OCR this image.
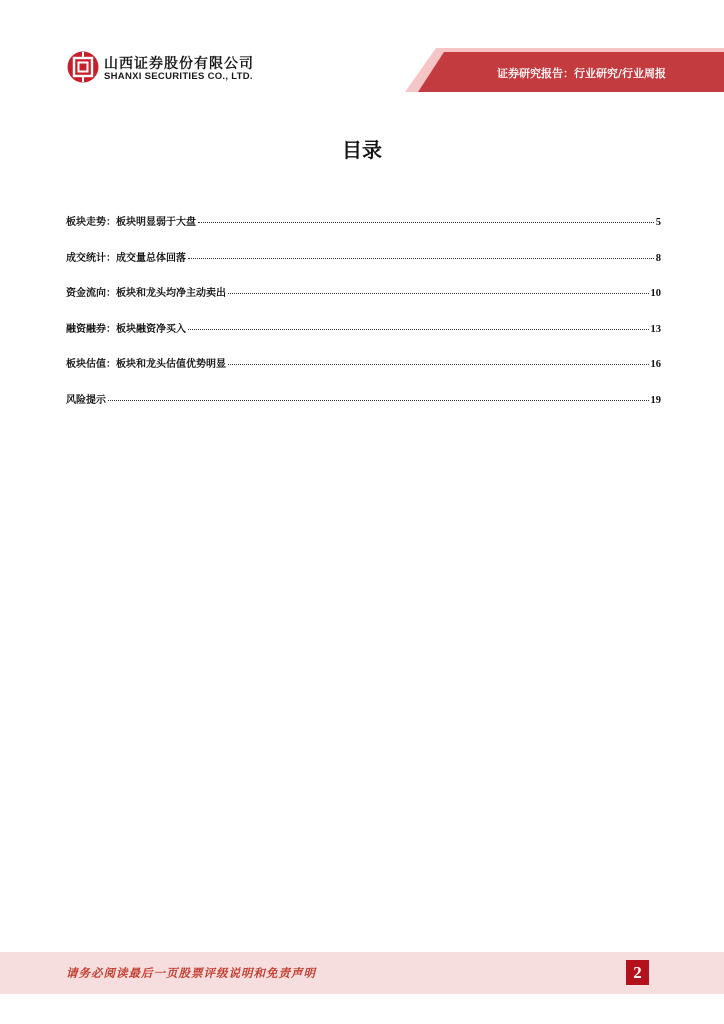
证券研究报告：行业研究/行业周报
山西证券股份有限公司
SHANXI SECURITIES CO., LTD.
目录
板块走势：板块明显弱于大盘	5
成交统计：成交量总体回落	8
资金流向：板块和龙头均净主动卖出	10
融资融券：板块融资净买入	13
板块估值：板块和龙头估值优势明显	16
风险提示	19
请务必阅读最后一页股票评级说明和免责声明	2
